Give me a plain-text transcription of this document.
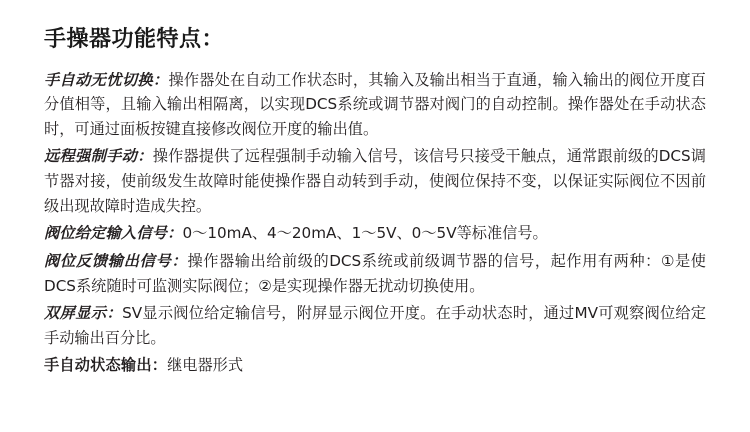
手操器功能特点：

手自动无忧切换：操作器处在自动工作状态时，其输入及输出相当于直通，输入输出的阀位开度百分值相等，且输入输出相隔离，以实现DCS系统或调节器对阀门的自动控制。操作器处在手动状态时，可通过面板按键直接修改阀位开度的输出值。

远程强制手动：操作器提供了远程强制手动输入信号，该信号只接受干触点，通常跟前级的DCS调节器对接，使前级发生故障时能使操作器自动转到手动，使阀位保持不变，以保证实际阀位不因前级出现故障时造成失控。

阀位给定输入信号：0～10mA、4～20mA、1～5V、0～5V等标准信号。

阀位反馈输出信号：操作器输出给前级的DCS系统或前级调节器的信号，起作用有两种：①是使DCS系统随时可监测实际阀位；②是实现操作器无扰动切换使用。

双屏显示：SV显示阀位给定输信号，附屏显示阀位开度。在手动状态时，通过MV可观察阀位给定手动输出百分比。

手自动状态输出：继电器形式
